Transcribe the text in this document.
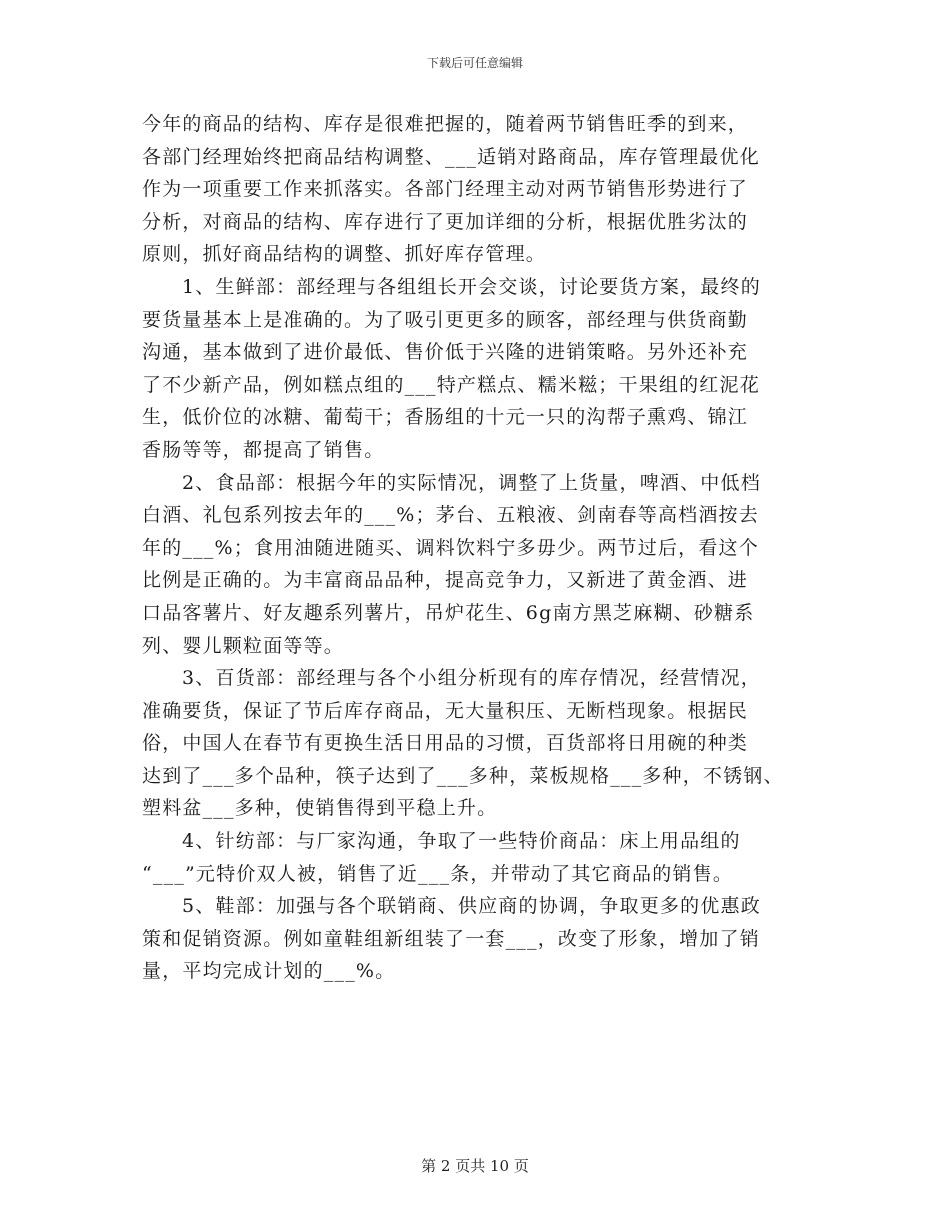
下载后可任意编辑
今年的商品的结构、库存是很难把握的，随着两节销售旺季的到来，
各部门经理始终把商品结构调整、___适销对路商品，库存管理最优化
作为一项重要工作来抓落实。各部门经理主动对两节销售形势进行了
分析，对商品的结构、库存进行了更加详细的分析，根据优胜劣汰的
原则，抓好商品结构的调整、抓好库存管理。
1、生鲜部：部经理与各组组长开会交谈，讨论要货方案，最终的
要货量基本上是准确的。为了吸引更更多的顾客，部经理与供货商勤
沟通，基本做到了进价最低、售价低于兴隆的进销策略。另外还补充
了不少新产品，例如糕点组的___特产糕点、糯米糍；干果组的红泥花
生，低价位的冰糖、葡萄干；香肠组的十元一只的沟帮子熏鸡、锦江
香肠等等，都提高了销售。
2、食品部：根据今年的实际情况，调整了上货量，啤酒、中低档
白酒、礼包系列按去年的___%；茅台、五粮液、剑南春等高档酒按去
年的___%；食用油随进随买、调料饮料宁多毋少。两节过后，看这个
比例是正确的。为丰富商品品种，提高竞争力，又新进了黄金酒、进
口品客薯片、好友趣系列薯片，吊炉花生、6g南方黑芝麻糊、砂糖系
列、婴儿颗粒面等等。
3、百货部：部经理与各个小组分析现有的库存情况，经营情况，
准确要货，保证了节后库存商品，无大量积压、无断档现象。根据民
俗，中国人在春节有更换生活日用品的习惯，百货部将日用碗的种类
达到了___多个品种，筷子达到了___多种，菜板规格___多种，不锈钢、
塑料盆___多种，使销售得到平稳上升。
4、针纺部：与厂家沟通，争取了一些特价商品：床上用品组的
“___”元特价双人被，销售了近___条，并带动了其它商品的销售。
5、鞋部：加强与各个联销商、供应商的协调，争取更多的优惠政
策和促销资源。例如童鞋组新组装了一套___，改变了形象，增加了销
量，平均完成计划的___%。
第 2 页共 10 页
